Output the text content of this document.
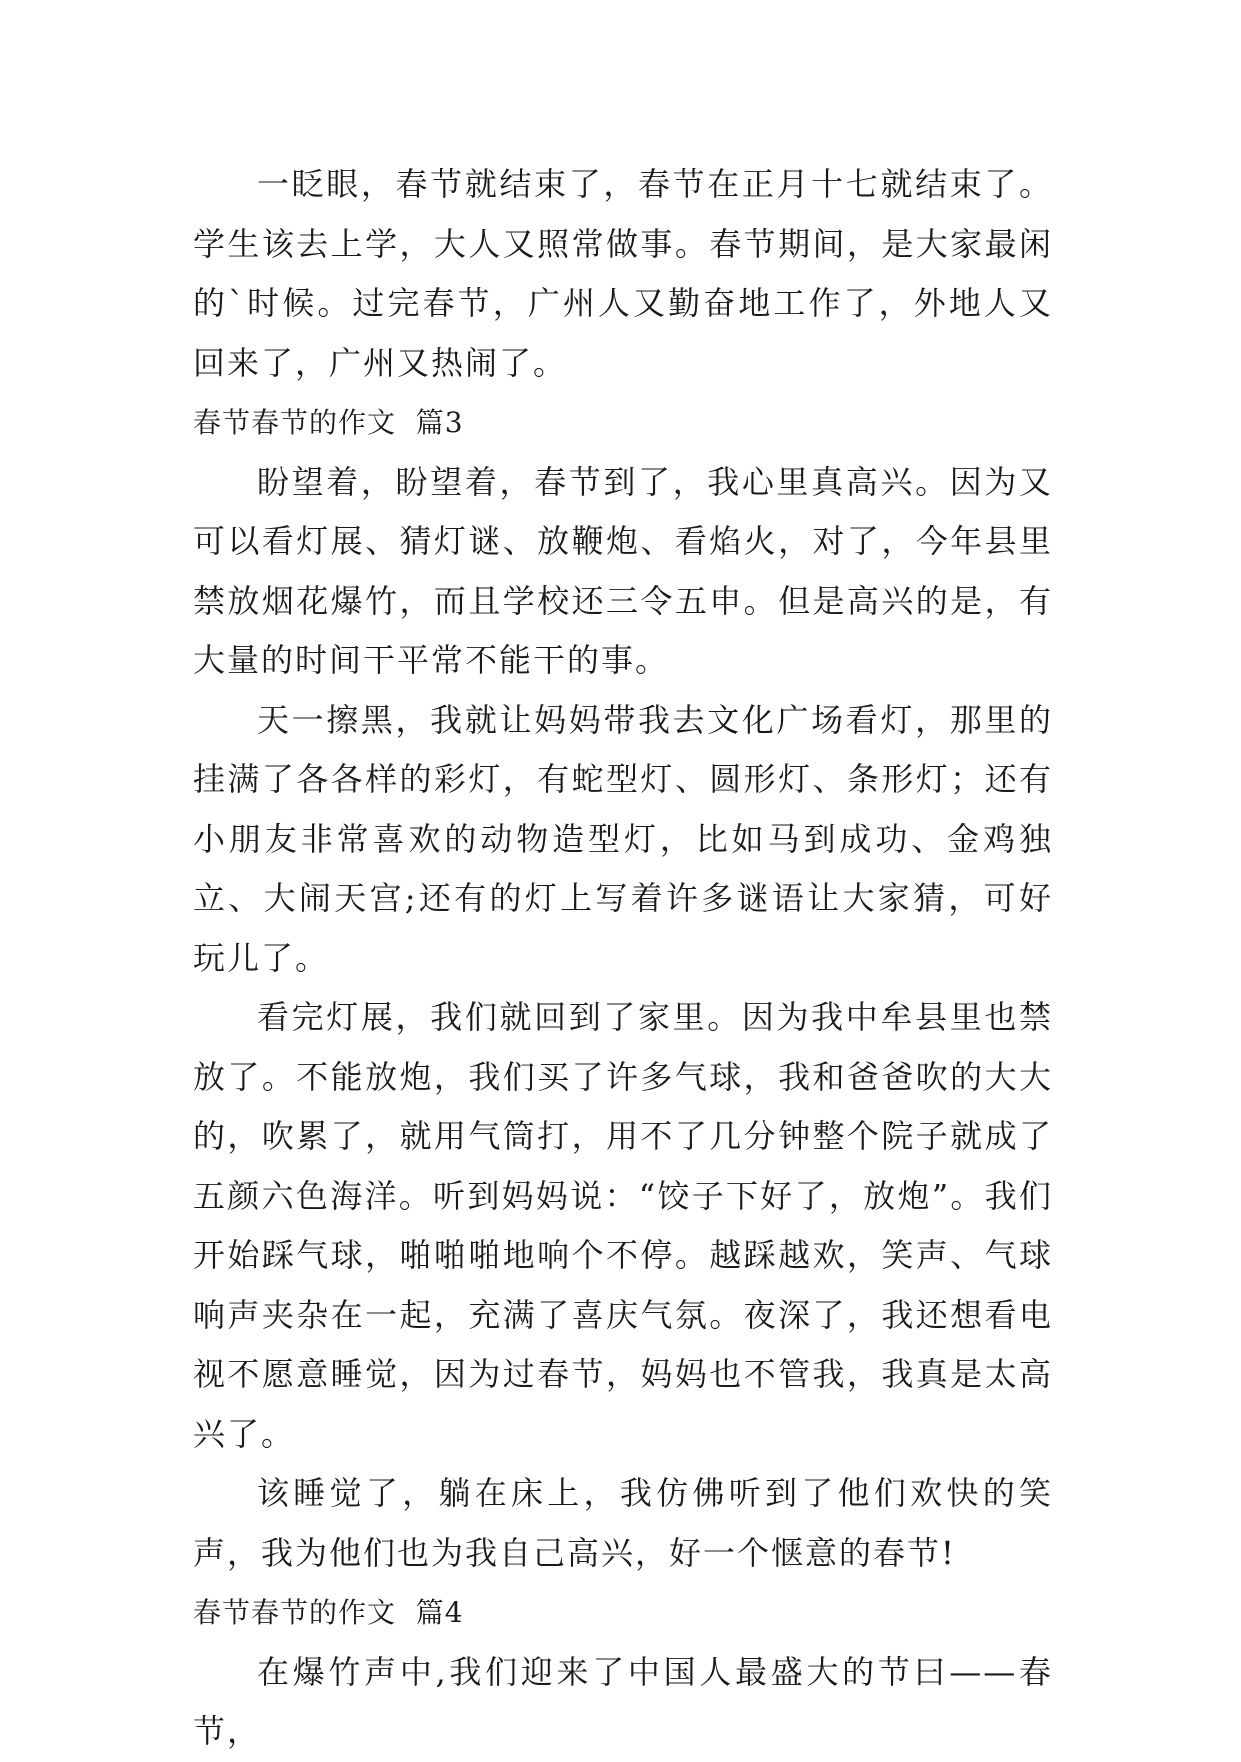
一眨眼，春节就结束了，春节在正月十七就结束了。学生该去上学，大人又照常做事。春节期间，是大家最闲的`时候。过完春节，广州人又勤奋地工作了，外地人又回来了，广州又热闹了。

春节春节的作文  篇3

盼望着，盼望着，春节到了，我心里真高兴。因为又可以看灯展、猜灯谜、放鞭炮、看焰火，对了，今年县里禁放烟花爆竹，而且学校还三令五申。但是高兴的是，有大量的时间干平常不能干的事。

天一擦黑，我就让妈妈带我去文化广场看灯，那里的挂满了各各样的彩灯，有蛇型灯、圆形灯、条形灯；还有小朋友非常喜欢的动物造型灯，比如马到成功、金鸡独立、大闹天宫;还有的灯上写着许多谜语让大家猜，可好玩儿了。

看完灯展，我们就回到了家里。因为我中牟县里也禁放了。不能放炮，我们买了许多气球，我和爸爸吹的大大的，吹累了，就用气筒打，用不了几分钟整个院子就成了五颜六色海洋。听到妈妈说：“饺子下好了，放炮”。我们开始踩气球，啪啪啪地响个不停。越踩越欢，笑声、气球响声夹杂在一起，充满了喜庆气氛。夜深了，我还想看电视不愿意睡觉，因为过春节，妈妈也不管我，我真是太高兴了。

该睡觉了，躺在床上，我仿佛听到了他们欢快的笑声，我为他们也为我自己高兴，好一个惬意的春节!

春节春节的作文  篇4

在爆竹声中,我们迎来了中国人最盛大的节曰——春节，
